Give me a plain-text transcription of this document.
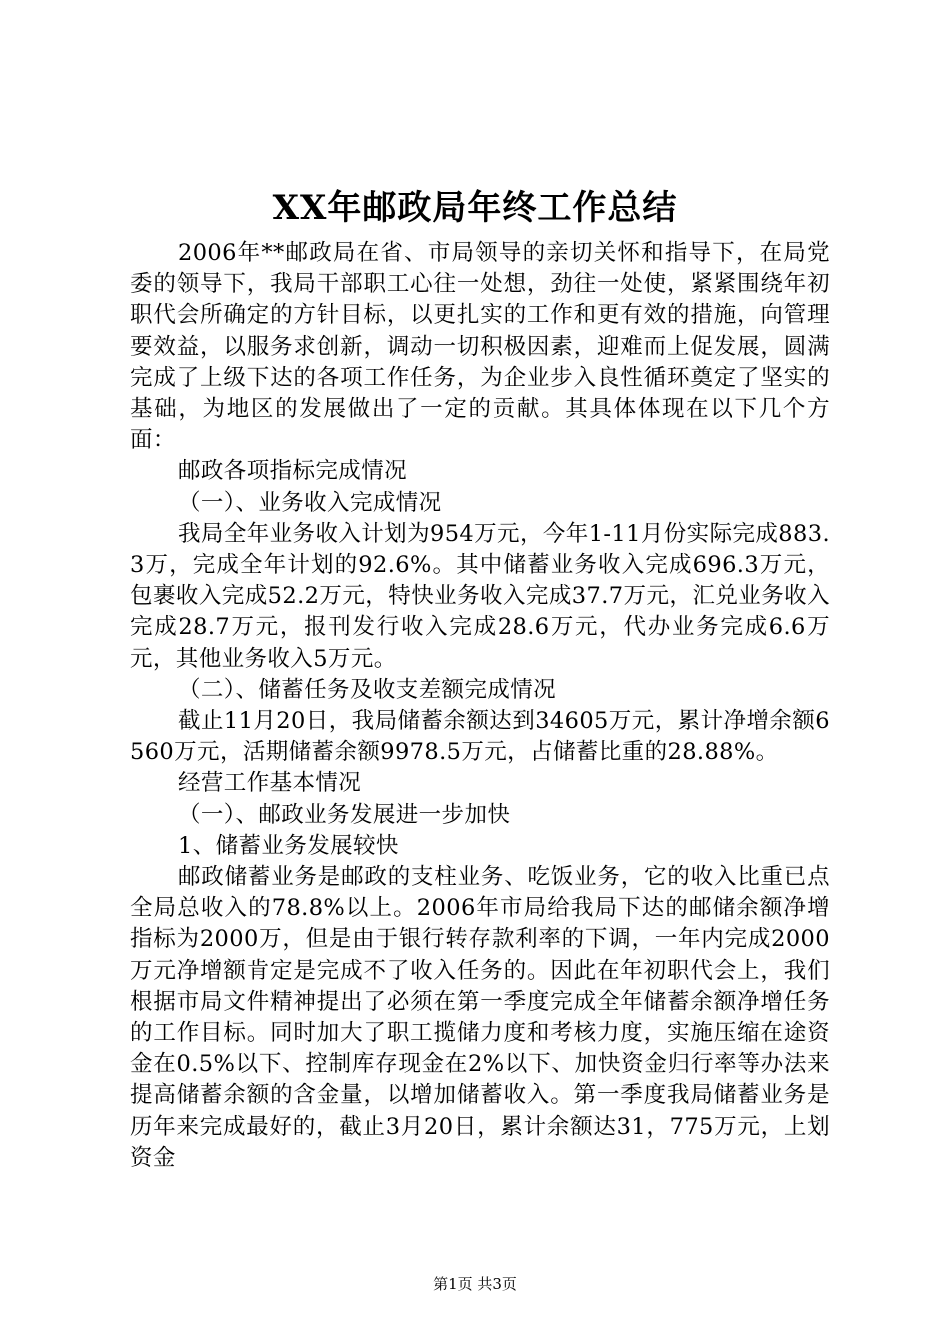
XX年邮政局年终工作总结

2006年**邮政局在省、市局领导的亲切关怀和指导下，在局党委的领导下，我局干部职工心往一处想，劲往一处使，紧紧围绕年初职代会所确定的方针目标，以更扎实的工作和更有效的措施，向管理要效益，以服务求创新，调动一切积极因素，迎难而上促发展，圆满完成了上级下达的各项工作任务，为企业步入良性循环奠定了坚实的基础，为地区的发展做出了一定的贡献。其具体体现在以下几个方面：

邮政各项指标完成情况

（一）、业务收入完成情况

我局全年业务收入计划为954万元，今年1-11月份实际完成883.3万，完成全年计划的92.6%。其中储蓄业务收入完成696.3万元，包裹收入完成52.2万元，特快业务收入完成37.7万元，汇兑业务收入完成28.7万元，报刊发行收入完成28.6万元，代办业务完成6.6万元，其他业务收入5万元。

（二）、储蓄任务及收支差额完成情况

截止11月20日，我局储蓄余额达到34605万元，累计净增余额6560万元，活期储蓄余额9978.5万元，占储蓄比重的28.88%。

经营工作基本情况

（一）、邮政业务发展进一步加快

1、储蓄业务发展较快

邮政储蓄业务是邮政的支柱业务、吃饭业务，它的收入比重已点全局总收入的78.8%以上。2006年市局给我局下达的邮储余额净增指标为2000万，但是由于银行转存款利率的下调，一年内完成2000万元净增额肯定是完成不了收入任务的。因此在年初职代会上，我们根据市局文件精神提出了必须在第一季度完成全年储蓄余额净增任务的工作目标。同时加大了职工揽储力度和考核力度，实施压缩在途资金在0.5%以下、控制库存现金在2%以下、加快资金归行率等办法来提高储蓄余额的含金量，以增加储蓄收入。第一季度我局储蓄业务是历年来完成最好的，截止3月20日，累计余额达31，775万元，上划资金

第1页 共3页
